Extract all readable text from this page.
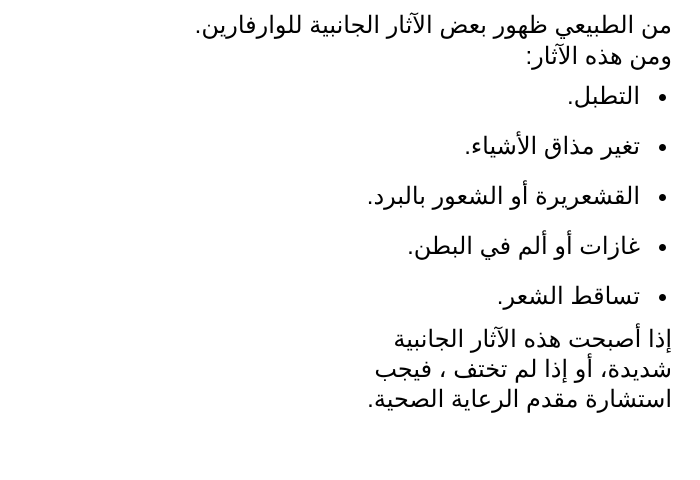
من الطبيعي ظهور بعض الآثار الجانبية للوارفارين.
ومن هذه الآثار:

التطبل.
تغير مذاق الأشياء.
القشعريرة أو الشعور بالبرد.
غازات أو ألم في البطن.
تساقط الشعر.

إذا أصبحت هذه الآثار الجانبية
شديدة، أو إذا لم تختف ، فيجب
استشارة مقدم الرعاية الصحية.
